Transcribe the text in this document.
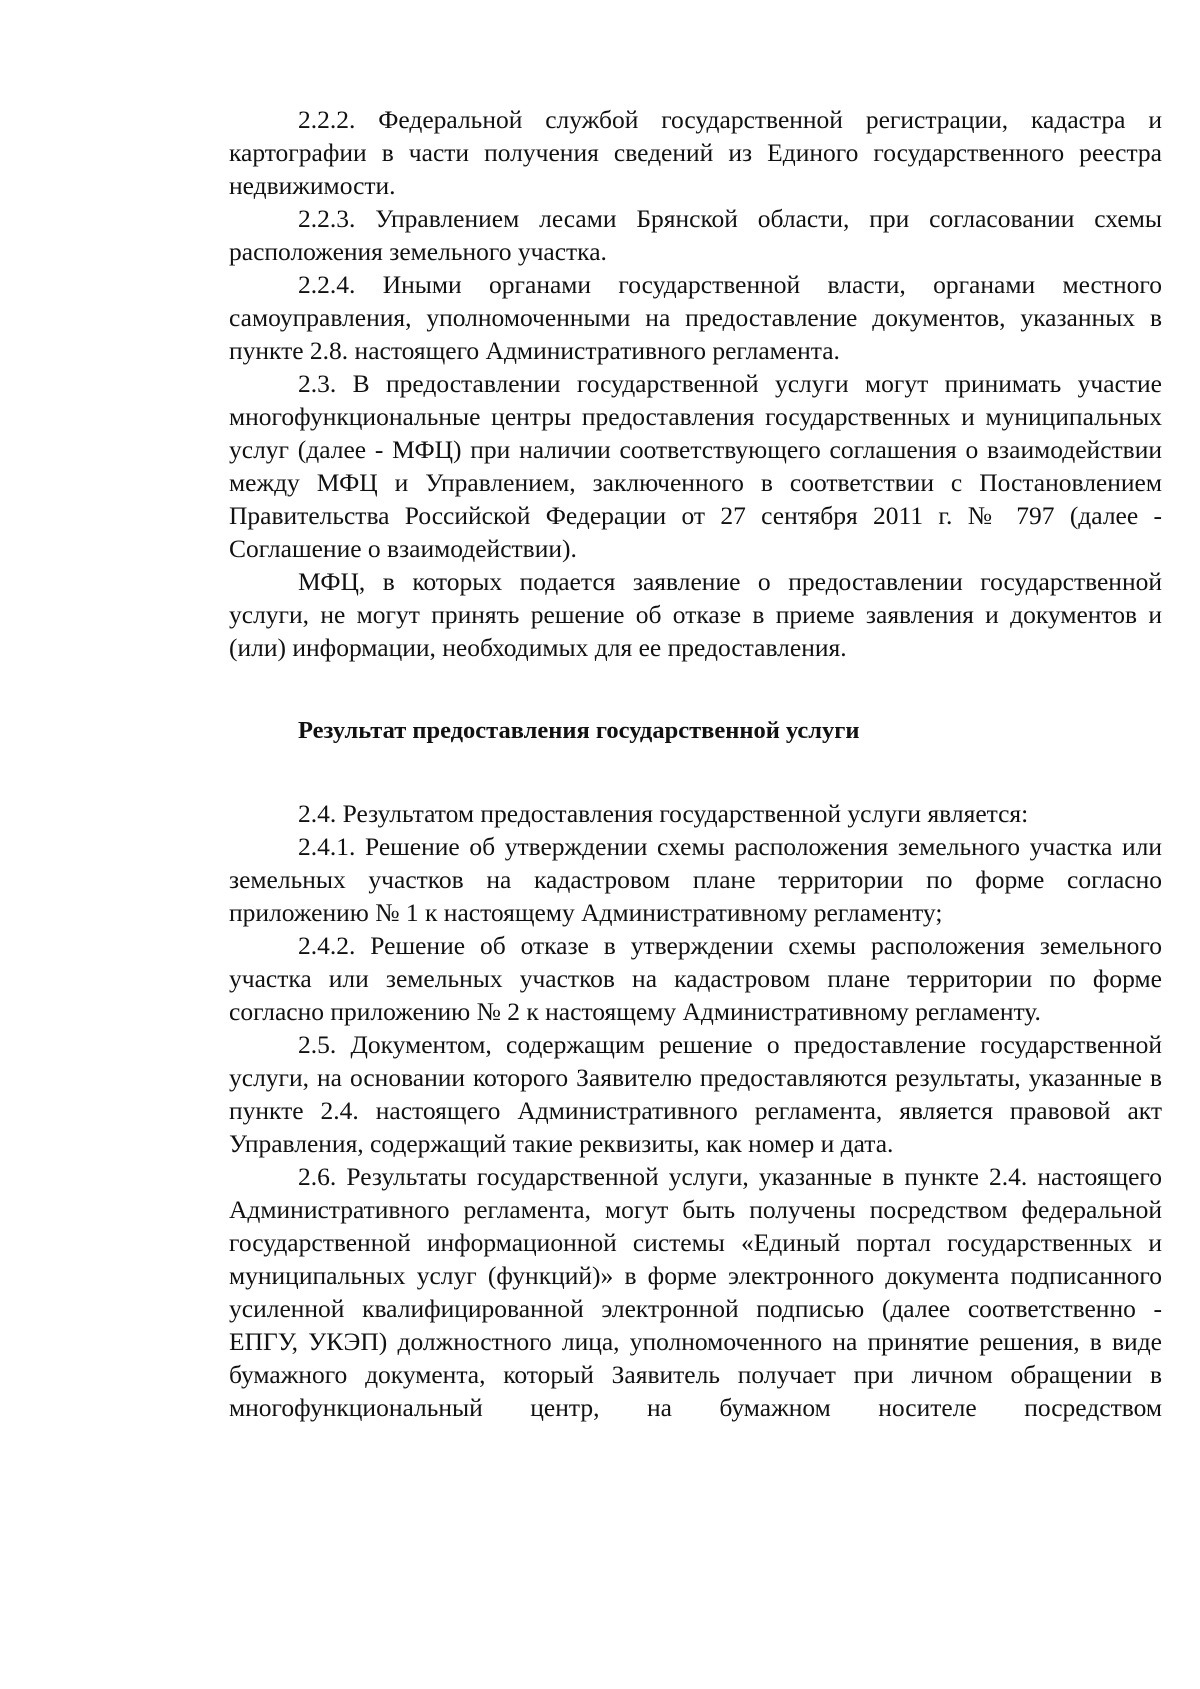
2.2.2. Федеральной службой государственной регистрации, кадастра и картографии в части получения сведений из Единого государственного реестра недвижимости.

2.2.3. Управлением лесами Брянской области, при согласовании схемы расположения земельного участка.

2.2.4. Иными органами государственной власти, органами местного самоуправления, уполномоченными на предоставление документов, указанных в пункте 2.8. настоящего Административного регламента.

2.3. В предоставлении государственной услуги могут принимать участие многофункциональные центры предоставления государственных и муниципальных услуг (далее - МФЦ) при наличии соответствующего соглашения о взаимодействии между МФЦ и Управлением, заключенного в соответствии с Постановлением Правительства Российской Федерации от 27 сентября 2011 г. № 797 (далее - Соглашение о взаимодействии).

МФЦ, в которых подается заявление о предоставлении государственной услуги, не могут принять решение об отказе в приеме заявления и документов и (или) информации, необходимых для ее предоставления.

Результат предоставления государственной услуги

2.4. Результатом предоставления государственной услуги является:

2.4.1. Решение об утверждении схемы расположения земельного участка или земельных участков на кадастровом плане территории по форме согласно приложению № 1 к настоящему Административному регламенту;

2.4.2. Решение об отказе в утверждении схемы расположения земельного участка или земельных участков на кадастровом плане территории по форме согласно приложению № 2 к настоящему Административному регламенту.

2.5. Документом, содержащим решение о предоставление государственной услуги, на основании которого Заявителю предоставляются результаты, указанные в пункте 2.4. настоящего Административного регламента, является правовой акт Управления, содержащий такие реквизиты, как номер и дата.

2.6. Результаты государственной услуги, указанные в пункте 2.4. настоящего Административного регламента, могут быть получены посредством федеральной государственной информационной системы «Единый портал государственных и муниципальных услуг (функций)» в форме электронного документа подписанного усиленной квалифицированной электронной подписью (далее соответственно - ЕПГУ, УКЭП) должностного лица, уполномоченного на принятие решения, в виде бумажного документа, который Заявитель получает при личном обращении в многофункциональный центр, на бумажном носителе посредством
